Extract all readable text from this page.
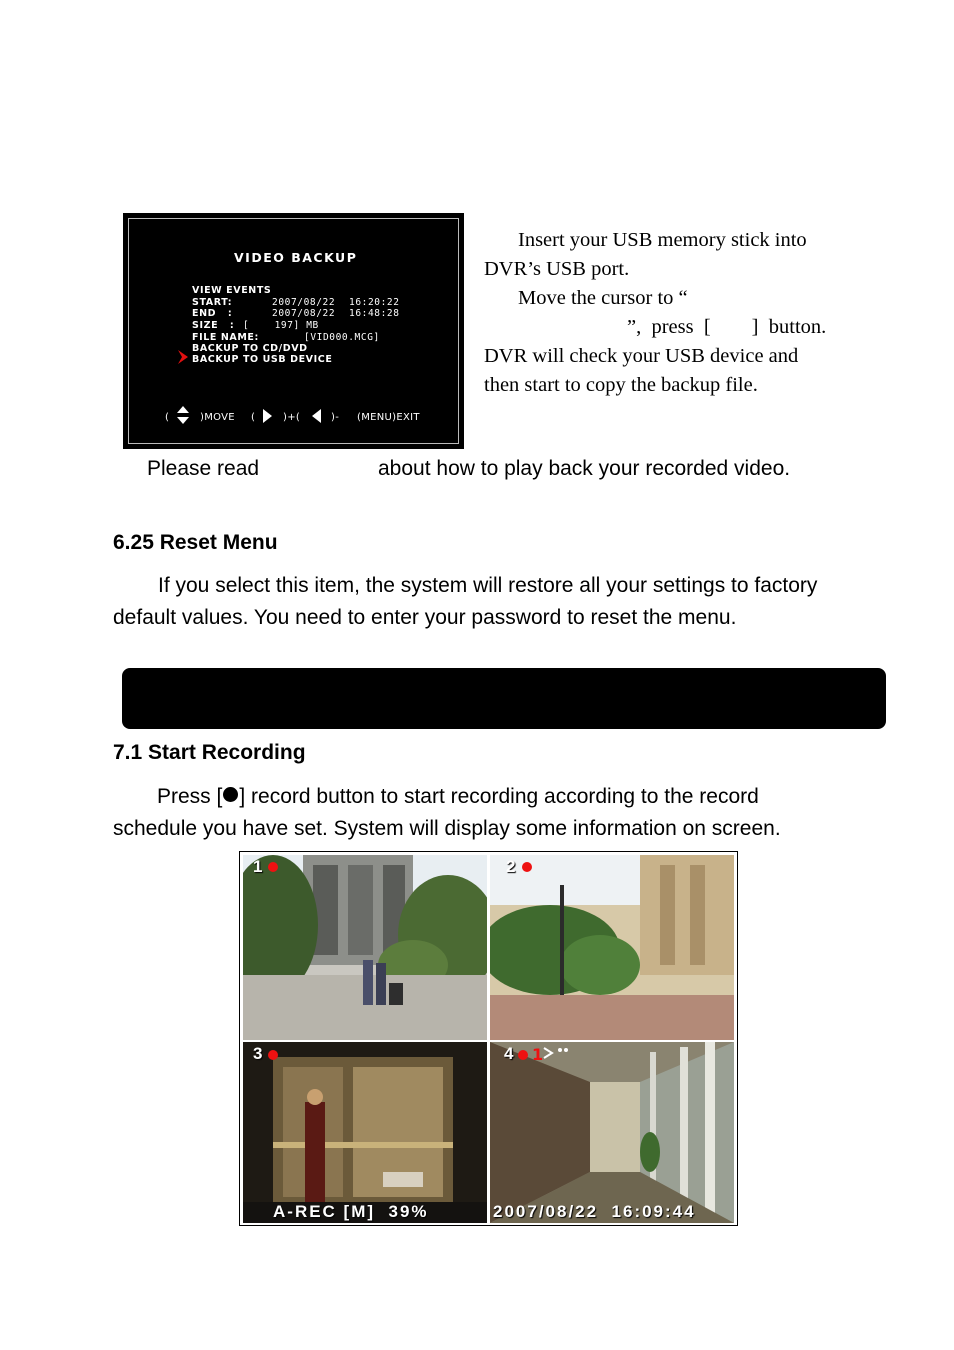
VIDEO BACKUP
VIEW EVENTS
START:	2007/08/22 16:20:22
END   :	2007/08/22 16:48:28
SIZE   : [    197] MB
FILE NAME:	[VID000.MCG]
BACKUP TO CD/DVD
BACKUP TO USB DEVICE
(	)MOVE (	)+(	)- (MENU)EXIT
Insert your USB memory stick into
DVR’s USB port.
Move the cursor to “
”,  press  [        ]  button.
DVR will check your USB device and
then start to copy the backup file.
Please read	about how to play back your recorded video.
6.25 Reset Menu
If you select this item, the system will restore all your settings to factory
default values. You need to enter your password to reset the menu.
7.1 Start Recording
Press [ ] record button to start recording according to the record
schedule you have set. System will display some information on screen.
1	2
3	4 1
A-REC [M]  39%	2007/08/22  16:09:44
